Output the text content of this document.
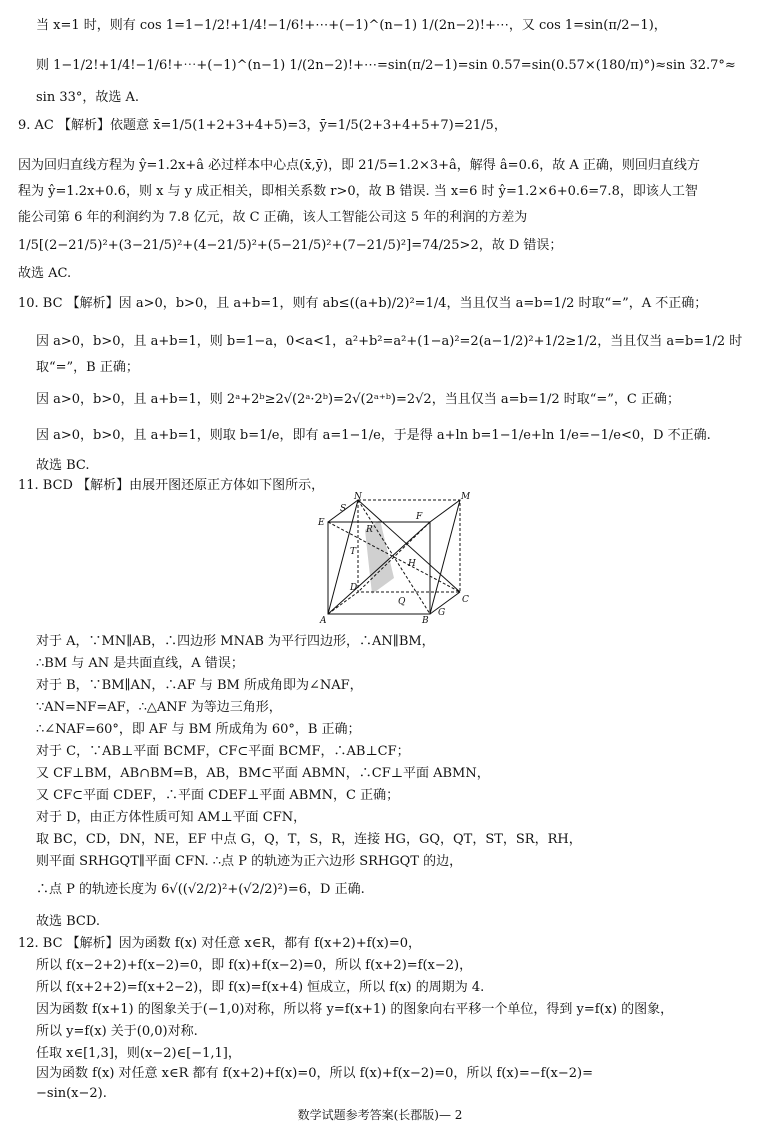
当 x=1 时，则有 cos 1=1−1/2!+1/4!−1/6!+⋯+(−1)^(n−1) 1/(2n−2)!+⋯，又 cos 1=sin(π/2−1)，
则 1−1/2!+1/4!−1/6!+⋯+(−1)^(n−1) 1/(2n−2)!+⋯=sin(π/2−1)=sin 0.57=sin(0.57×(180/π)°)≈sin 32.7°≈
sin 33°，故选 A.
9. AC 【解析】依题意 x̄=1/5(1+2+3+4+5)=3，ȳ=1/5(2+3+4+5+7)=21/5，
因为回归直线方程为 ŷ=1.2x+â 必过样本中心点(x̄,ȳ)，即 21/5=1.2×3+â，解得 â=0.6，故 A 正确，则回归直线方
程为 ŷ=1.2x+0.6，则 x 与 y 成正相关，即相关系数 r>0，故 B 错误. 当 x=6 时 ŷ=1.2×6+0.6=7.8，即该人工智
能公司第 6 年的利润约为 7.8 亿元，故 C 正确，该人工智能公司这 5 年的利润的方差为
1/5[(2−21/5)²+(3−21/5)²+(4−21/5)²+(5−21/5)²+(7−21/5)²]=74/25>2，故 D 错误；
故选 AC.
10. BC 【解析】因 a>0，b>0，且 a+b=1，则有 ab≤((a+b)/2)²=1/4，当且仅当 a=b=1/2 时取“=”，A 不正确；
因 a>0，b>0，且 a+b=1，则 b=1−a，0<a<1，a²+b²=a²+(1−a)²=2(a−1/2)²+1/2≥1/2，当且仅当 a=b=1/2 时
取“=”，B 正确；
因 a>0，b>0，且 a+b=1，则 2ᵃ+2ᵇ≥2√(2ᵃ·2ᵇ)=2√(2ᵃ⁺ᵇ)=2√2，当且仅当 a=b=1/2 时取“=”，C 正确；
因 a>0，b>0，且 a+b=1，则取 b=1/e，即有 a=1−1/e，于是得 a+ln b=1−1/e+ln 1/e=−1/e<0，D 不正确.
故选 BC.
11. BCD 【解析】由展开图还原正方体如下图所示，
N	M
E
S
F
R
T
H
D
Q	C
A	B
G
对于 A，∵MN∥AB，∴四边形 MNAB 为平行四边形，∴AN∥BM，
∴BM 与 AN 是共面直线，A 错误；
对于 B，∵BM∥AN，∴AF 与 BM 所成角即为∠NAF，
∵AN=NF=AF，∴△ANF 为等边三角形，
∴∠NAF=60°，即 AF 与 BM 所成角为 60°，B 正确；
对于 C，∵AB⊥平面 BCMF，CF⊂平面 BCMF，∴AB⊥CF；
又 CF⊥BM，AB∩BM=B，AB，BM⊂平面 ABMN，∴CF⊥平面 ABMN，
又 CF⊂平面 CDEF，∴平面 CDEF⊥平面 ABMN，C 正确；
对于 D，由正方体性质可知 AM⊥平面 CFN，
取 BC，CD，DN，NE，EF 中点 G，Q，T，S，R，连接 HG，GQ，QT，ST，SR，RH，
则平面 SRHGQT∥平面 CFN. ∴点 P 的轨迹为正六边形 SRHGQT 的边，
∴点 P 的轨迹长度为 6√((√2/2)²+(√2/2)²)=6，D 正确.
故选 BCD.
12. BC 【解析】因为函数 f(x) 对任意 x∈R，都有 f(x+2)+f(x)=0，
所以 f(x−2+2)+f(x−2)=0，即 f(x)+f(x−2)=0，所以 f(x+2)=f(x−2)，
所以 f(x+2+2)=f(x+2−2)，即 f(x)=f(x+4) 恒成立，所以 f(x) 的周期为 4.
因为函数 f(x+1) 的图象关于(−1,0)对称，所以将 y=f(x+1) 的图象向右平移一个单位，得到 y=f(x) 的图象，
所以 y=f(x) 关于(0,0)对称.
任取 x∈[1,3]，则(x−2)∈[−1,1]，
因为函数 f(x) 对任意 x∈R 都有 f(x+2)+f(x)=0，所以 f(x)+f(x−2)=0，所以 f(x)=−f(x−2)=
−sin(x−2).
数学试题参考答案(长郡版)— 2
